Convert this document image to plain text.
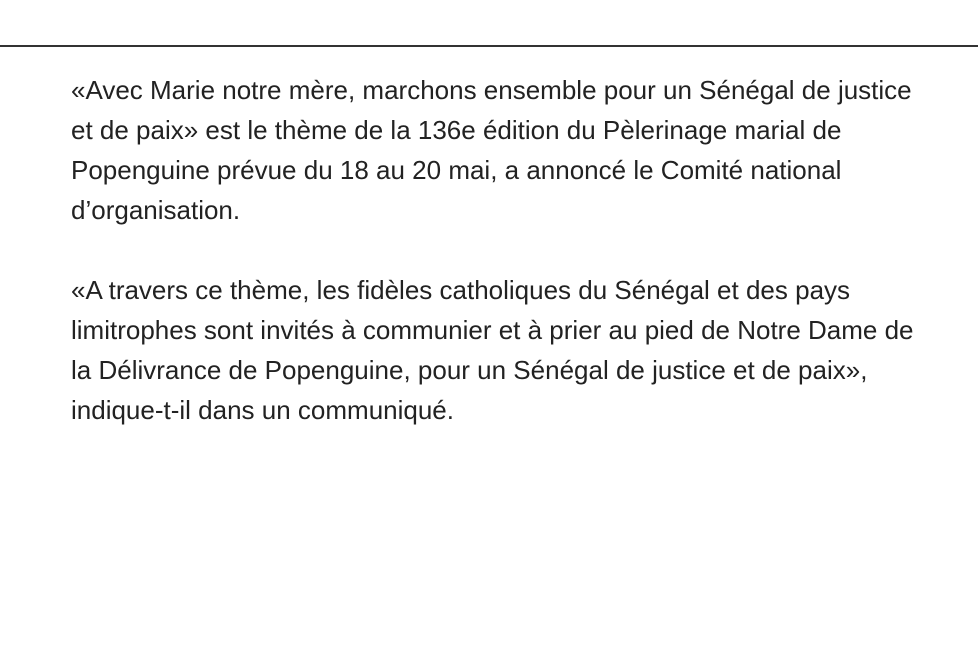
«Avec Marie notre mère, marchons ensemble pour un Sénégal de justice et de paix» est le thème de la 136e édition du Pèlerinage marial de Popenguine prévue du 18 au 20 mai, a annoncé le Comité national d’organisation.

«A travers ce thème, les fidèles catholiques du Sénégal et des pays limitrophes sont invités à communier et à prier au pied de Notre Dame de la Délivrance de Popenguine, pour un Sénégal de justice et de paix», indique-t-il dans un communiqué.
